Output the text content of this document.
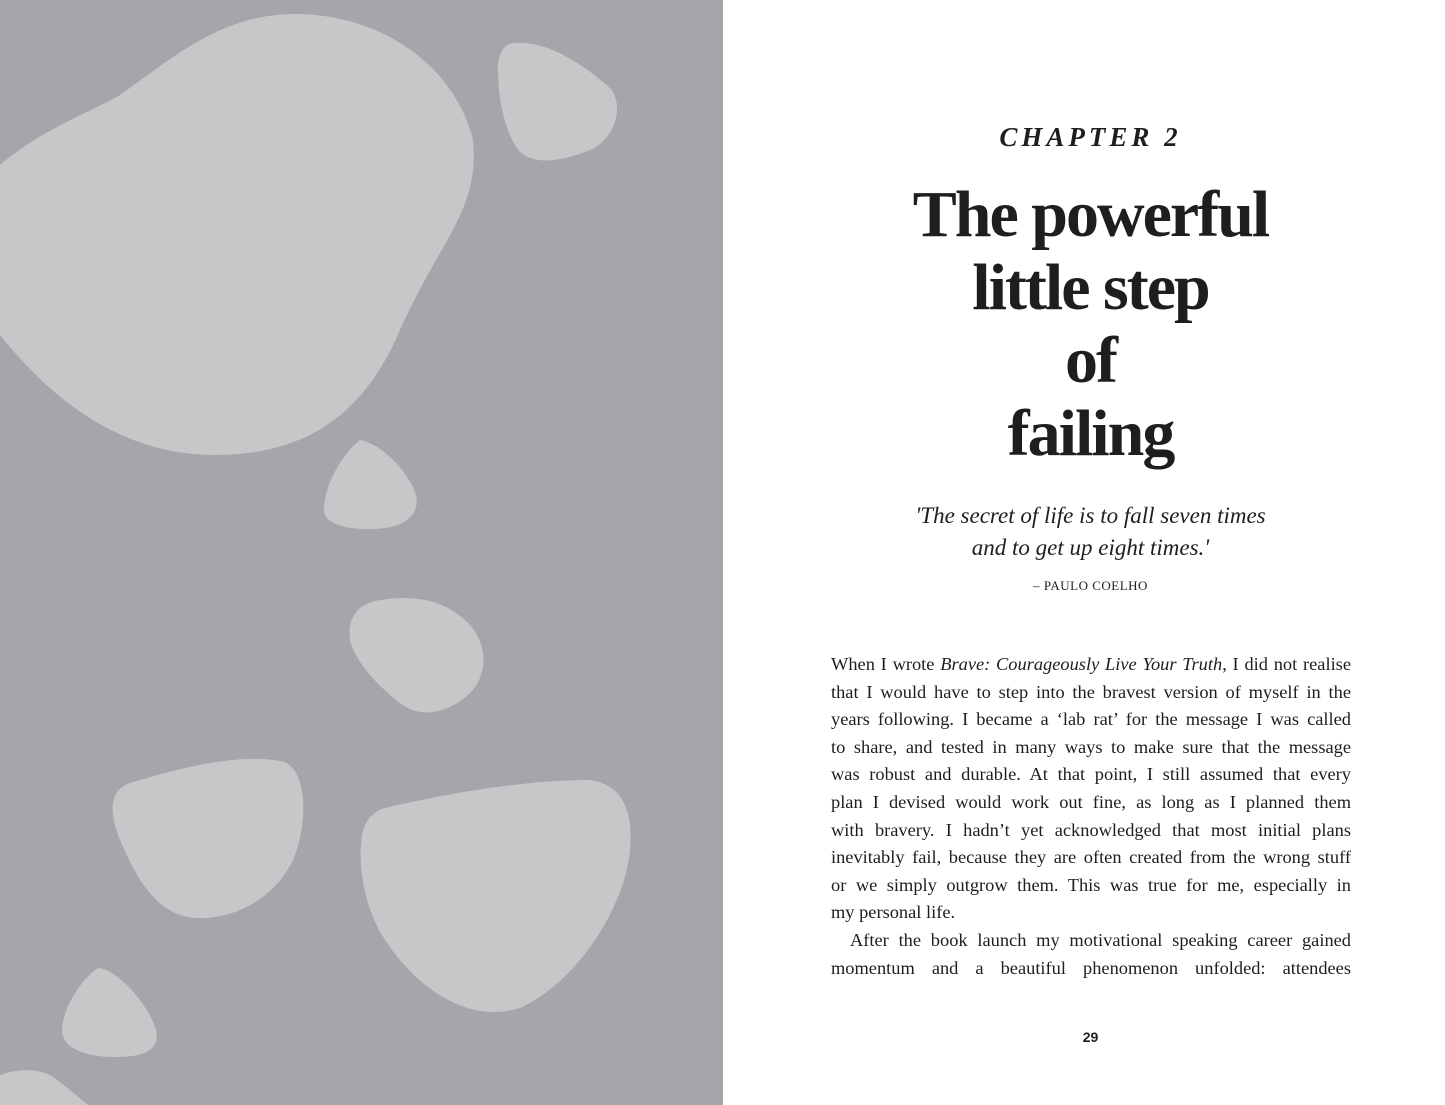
CHAPTER 2
The powerful
little step
of
failing
'The secret of life is to fall seven times
and to get up eight times.'

– PAULO COELHO

When I wrote Brave: Courageously Live Your Truth, I did not realise
that I would have to step into the bravest version of myself in the
years following. I became a ‘lab rat’ for the message I was called
to share, and tested in many ways to make sure that the message
was robust and durable. At that point, I still assumed that every
plan I devised would work out fine, as long as I planned them
with bravery. I hadn’t yet acknowledged that most initial plans
inevitably fail, because they are often created from the wrong stuff
or we simply outgrow them. This was true for me, especially in
my personal life.
After the book launch my motivational speaking career gained
momentum and a beautiful phenomenon unfolded: attendees

29
